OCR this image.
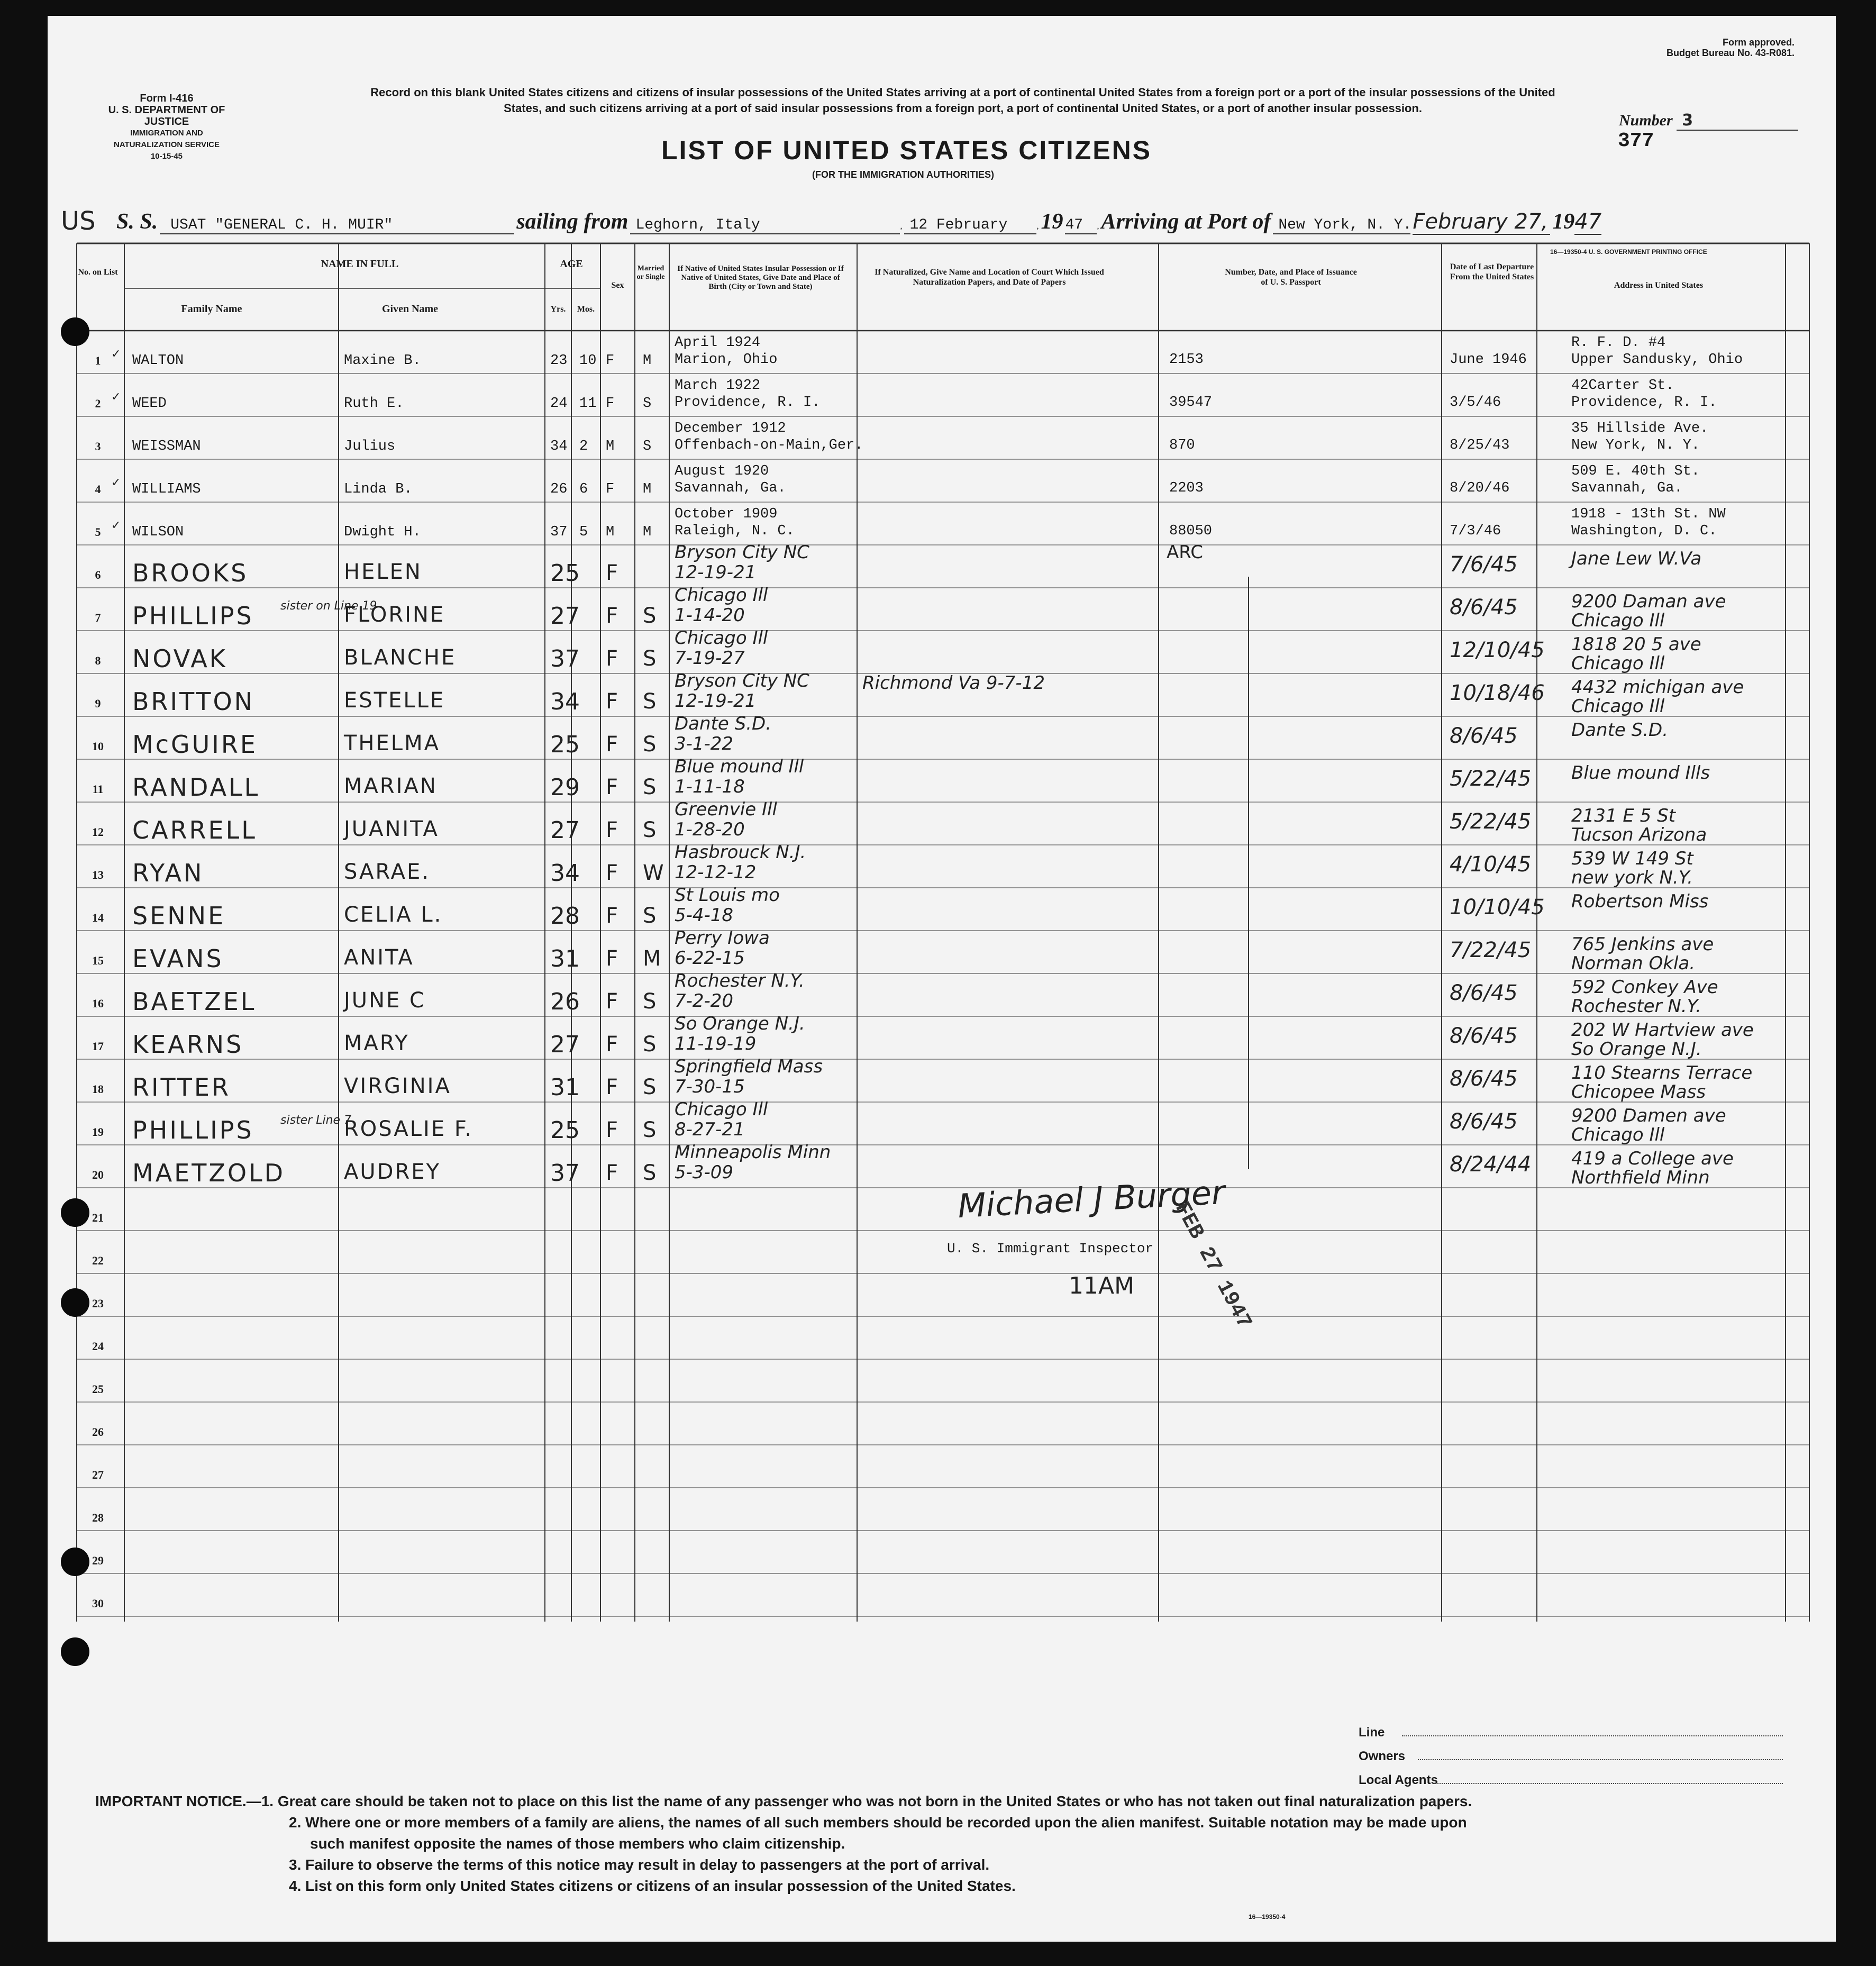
Form I-416
U. S. DEPARTMENT OF JUSTICE
IMMIGRATION AND NATURALIZATION SERVICE
10-15-45
Record on this blank United States citizens and citizens of insular possessions of the United States arriving at a port of continental United States from a foreign port or a port of the insular possessions of the United States, and such citizens arriving at a port of said insular possessions from a foreign port, a port of continental United States, or a port of another insular possession.
LIST OF UNITED STATES CITIZENS
(FOR THE IMMIGRATION AUTHORITIES)
Form approved.
Budget Bureau No. 43-R081.
Number 3
377
US S. S. USAT "GENERAL C. H. MUIR"	sailing from Leghorn, Italy	, 12 February	, 19 47 , Arriving at Port of New York, N. Y. February 27, 1947
16—19350-4 U. S. GOVERNMENT PRINTING OFFICE
No. on List
NAME IN FULL
Family Name	Given Name
AGE
Yrs.	Mos.
Sex
Married or Single
If Native of United States Insular Possession or If Native of United States, Give Date and Place of Birth (City or Town and State)
If Naturalized, Give Name and Location of Court Which Issued Naturalization Papers, and Date of Papers
Number, Date, and Place of Issuance of U. S. Passport
Date of Last Departure From the United States
Address in United States
1 ✓ WALTON	Maxine B.	23 10 F M
April 1924
Marion, Ohio	2153	June 1946
R. F. D. #4
Upper Sandusky, Ohio
2 ✓ WEED	Ruth E.	24 11 F S
March 1922
Providence, R. I.	39547	3/5/46
42Carter St.
Providence, R. I.
3	WEISSMAN	Julius	34 2 M S
December 1912
Offenbach-on-Main,Ger.	870	8/25/43
35 Hillside Ave.
New York, N. Y.
4 ✓ WILLIAMS	Linda B.	26 6 F M
August 1920
Savannah, Ga.	2203	8/20/46
509 E. 40th St.
Savannah, Ga.
5 ✓ WILSON	Dwight H.	37 5 M M
October 1909
Raleigh, N. C.	88050	7/3/46
1918 - 13th St. NW
Washington, D. C.
6	BROOKS	HELEN	25 F
Bryson City NC
12-19-21
ARC	7/6/45	Jane Lew W.Va
7	PHILLIPS	FLORINE
sister on Line 19	27 F S
Chicago Ill
1-14-20	8/6/45	9200 Daman ave
Chicago Ill
8	NOVAK	BLANCHE	37 F S
Chicago Ill
7-19-27	12/10/45 1818 20 5 ave
Chicago Ill
9	BRITTON	ESTELLE	34 F S
Bryson City NC
12-19-21
Richmond Va 9-7-12	10/18/46 4432 michigan ave
Chicago Ill
10	McGUIRE	THELMA	25 F S
Dante S.D.
3-1-22	8/6/45	Dante S.D.
11	RANDALL	MARIAN	29 F S
Blue mound Ill
1-11-18	5/22/45 Blue mound Ills
12	CARRELL	JUANITA	27 F S
Greenvie Ill
1-28-20	5/22/45 2131 E 5 St
Tucson Arizona
13	RYAN	SARAE.	34 F W
Hasbrouck N.J.
12-12-12	4/10/45 539 W 149 St
new york N.Y.
14	SENNE	CELIA L.	28 F S
St Louis mo
5-4-18	10/10/45 Robertson Miss
15	EVANS	ANITA	31 F M
Perry Iowa
6-22-15	7/22/45 765 Jenkins ave
Norman Okla.
16	BAETZEL	JUNE C	26 F S
Rochester N.Y.
7-2-20	8/6/45	592 Conkey Ave
Rochester N.Y.
17	KEARNS	MARY	27 F S
So Orange N.J.
11-19-19	8/6/45	202 W Hartview ave
So Orange N.J.
18	RITTER	VIRGINIA	31 F S
Springfield Mass
7-30-15	8/6/45	110 Stearns Terrace
Chicopee Mass
19	PHILLIPS	ROSALIE F.
sister Line 7	25 F S
Chicago Ill
8-27-21	8/6/45	9200 Damen ave
Chicago Ill
20	MAETZOLD	AUDREY	37 F S
Minneapolis Minn
5-3-09	8/24/44 419 a College ave
Northfield Minn
21
22
23
24
25
26
27
28
29
30
Michael J Burger
U. S. Immigrant Inspector
11AM FEB 27 1947
Line
Owners
Local Agents
IMPORTANT NOTICE.—1. Great care should be taken not to place on this list the name of any passenger who was not born in the United States or who has not taken out final naturalization papers.
2. Where one or more members of a family are aliens, the names of all such members should be recorded upon the alien manifest. Suitable notation may be made upon
such manifest opposite the names of those members who claim citizenship.
3. Failure to observe the terms of this notice may result in delay to passengers at the port of arrival.
4. List on this form only United States citizens or citizens of an insular possession of the United States.
16—19350-4
